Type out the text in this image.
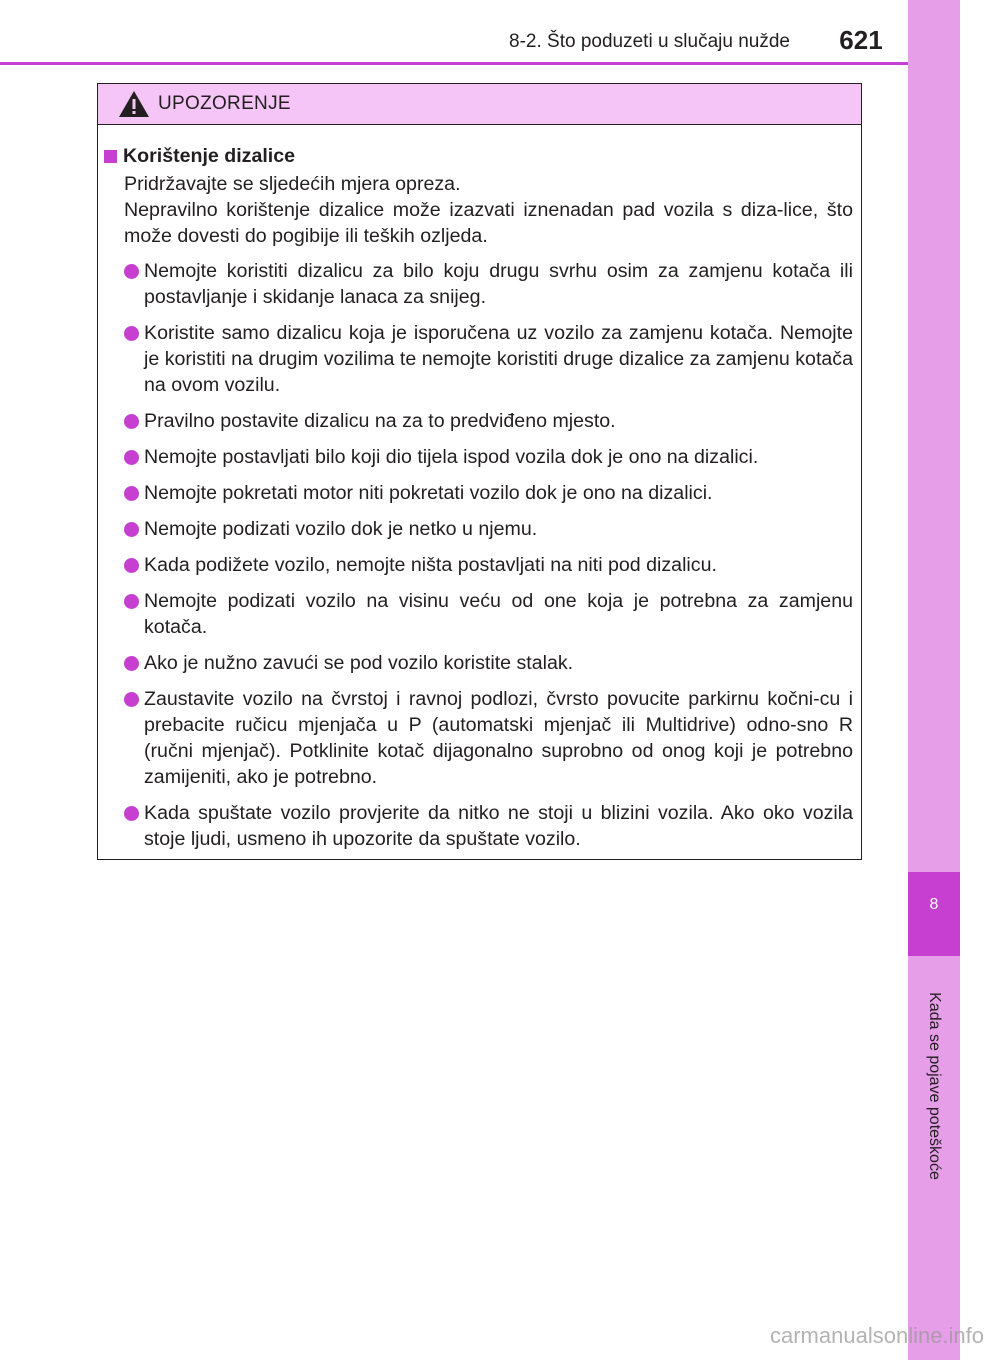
8-2. Što poduzeti u slučaju nužde	621
8
Kada se pojave poteškoće
UPOZORENJE
Korištenje dizalice

Pridržavajte se sljedećih mjera opreza.

Nepravilno korištenje dizalice može izazvati iznenadan pad vozila s diza-lice, što može dovesti do pogibije ili teških ozljeda.

Nemojte koristiti dizalicu za bilo koju drugu svrhu osim za zamjenu kotača ili postavljanje i skidanje lanaca za snijeg.
Koristite samo dizalicu koja je isporučena uz vozilo za zamjenu kotača. Nemojte je koristiti na drugim vozilima te nemojte koristiti druge dizalice za zamjenu kotača na ovom vozilu.
Pravilno postavite dizalicu na za to predviđeno mjesto.
Nemojte postavljati bilo koji dio tijela ispod vozila dok je ono na dizalici.
Nemojte pokretati motor niti pokretati vozilo dok je ono na dizalici.
Nemojte podizati vozilo dok je netko u njemu.
Kada podižete vozilo, nemojte ništa postavljati na niti pod dizalicu.
Nemojte podizati vozilo na visinu veću od one koja je potrebna za zamjenu kotača.
Ako je nužno zavući se pod vozilo koristite stalak.
Zaustavite vozilo na čvrstoj i ravnoj podlozi, čvrsto povucite parkirnu kočni-cu i prebacite ručicu mjenjača u P (automatski mjenjač ili Multidrive) odno-sno R (ručni mjenjač). Potklinite kotač dijagonalno suprobno od onog koji je potrebno zamijeniti, ako je potrebno.
Kada spuštate vozilo provjerite da nitko ne stoji u blizini vozila. Ako oko vozila stoje ljudi, usmeno ih upozorite da spuštate vozilo.
carmanualsonline.info
